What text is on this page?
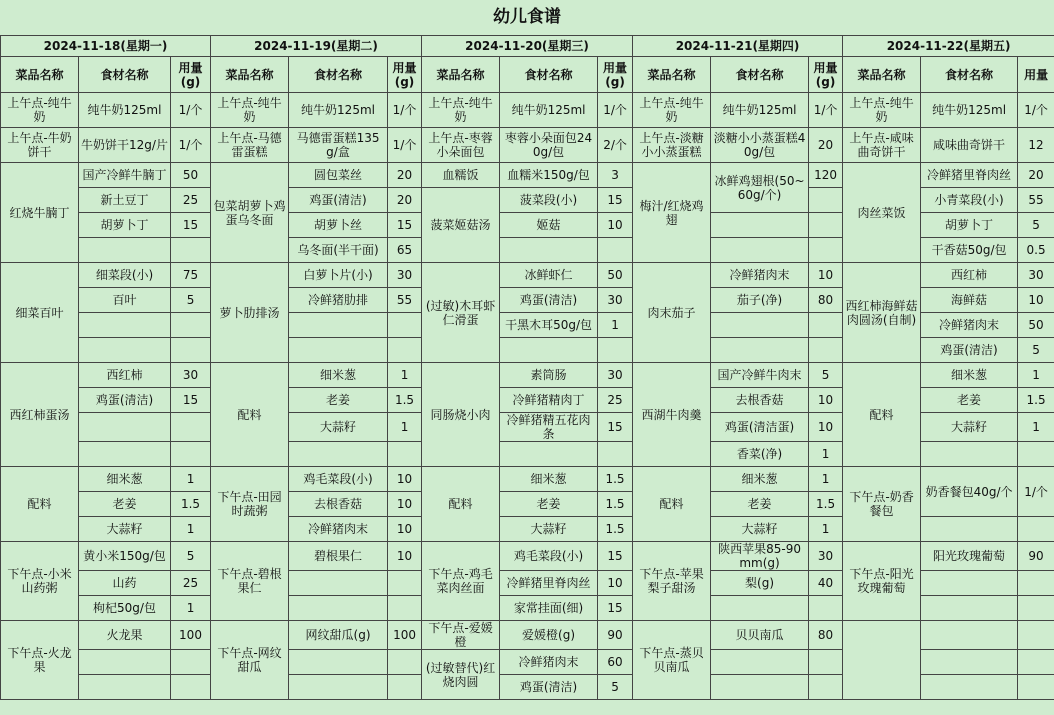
幼儿食谱
2024-11-18(星期一)			2024-11-19(星期二)			2024-11-20(星期三)			2024-11-21(星期四)			2024-11-22(星期五)		
菜品名称	食材名称	用量(g)	菜品名称	食材名称	用量(g)	菜品名称	食材名称	用量(g)	菜品名称	食材名称	用量(g)	菜品名称	食材名称	用量
上午点-纯牛奶	纯牛奶125ml	1/个	上午点-纯牛奶	纯牛奶125ml	1/个	上午点-纯牛奶	纯牛奶125ml	1/个	上午点-纯牛奶	纯牛奶125ml	1/个	上午点-纯牛奶	纯牛奶125ml	1/个
上午点-牛奶饼干	牛奶饼干12g/片	1/个	上午点-马德雷蛋糕	马德雷蛋糕135g/盒	1/个	上午点-枣蓉小朵面包	枣蓉小朵面包240g/包	2/个	上午点-淡糖小小蒸蛋糕	淡糖小小蒸蛋糕40g/包	20	上午点-咸味曲奇饼干	咸味曲奇饼干	12
红烧牛腩丁	国产冷鲜牛腩丁	50	包菜胡萝卜鸡蛋乌冬面	圆包菜丝	20	血糯饭	血糯米150g/包	3	梅汁/红烧鸡翅	冰鲜鸡翅根(50~60g/个)	120	肉丝菜饭	冷鲜猪里脊肉丝	20
	新土豆丁	25		鸡蛋(清洁)	20	菠菜姬菇汤	菠菜段(小)	15					小青菜段(小)	55
	胡萝卜丁	15		胡萝卜丝	15		姬菇	10					胡萝卜丁	5
				乌冬面(半干面)	65								干香菇50g/包	0.5
细菜百叶	细菜段(小)	75	萝卜肋排汤	白萝卜片(小)	30	(过敏)木耳虾仁滑蛋	冰鲜虾仁	50	肉末茄子	冷鲜猪肉末	10	西红柿海鲜菇肉圆汤(自制)	西红柿	30
	百叶	5		冷鲜猪肋排	55		鸡蛋(清洁)	30		茄子(净)	80		海鲜菇	10
							干黑木耳50g/包	1					冷鲜猪肉末	50
													鸡蛋(清洁)	5
西红柿蛋汤	西红柿	30	配料	细米葱	1	同肠烧小肉	素筒肠	30	西湖牛肉羹	国产冷鲜牛肉末	5	配料	细米葱	1
	鸡蛋(清洁)	15		老姜	1.5		冷鲜猪精肉丁	25		去根香菇	10		老姜	1.5
				大蒜籽	1		冷鲜猪精五花肉条	15		鸡蛋(清洁蛋)	10		大蒜籽	1
										香菜(净)	1			
配料	细米葱	1	下午点-田园时蔬粥	鸡毛菜段(小)	10	配料	细米葱	1.5	配料	细米葱	1	下午点-奶香餐包	奶香餐包40g/个	1/个
	老姜	1.5		去根香菇	10		老姜	1.5		老姜	1.5			
	大蒜籽	1		冷鲜猪肉末	10		大蒜籽	1.5		大蒜籽	1			
下午点-小米山药粥	黄小米150g/包	5	下午点-碧根果仁	碧根果仁	10	下午点-鸡毛菜肉丝面	鸡毛菜段(小)	15	下午点-苹果梨子甜汤	陕西苹果85-90mm(g)	30	下午点-阳光玫瑰葡萄	阳光玫瑰葡萄	90
	山药	25					冷鲜猪里脊肉丝	10		梨(g)	40			
	枸杞50g/包	1					家常挂面(细)	15						
下午点-火龙果	火龙果	100	下午点-网纹甜瓜	网纹甜瓜(g)	100	下午点-爱媛橙	爱媛橙(g)	90	下午点-蒸贝贝南瓜	贝贝南瓜	80			
						(过敏替代)红烧肉圆	冷鲜猪肉末	60						
							鸡蛋(清洁)	5						
